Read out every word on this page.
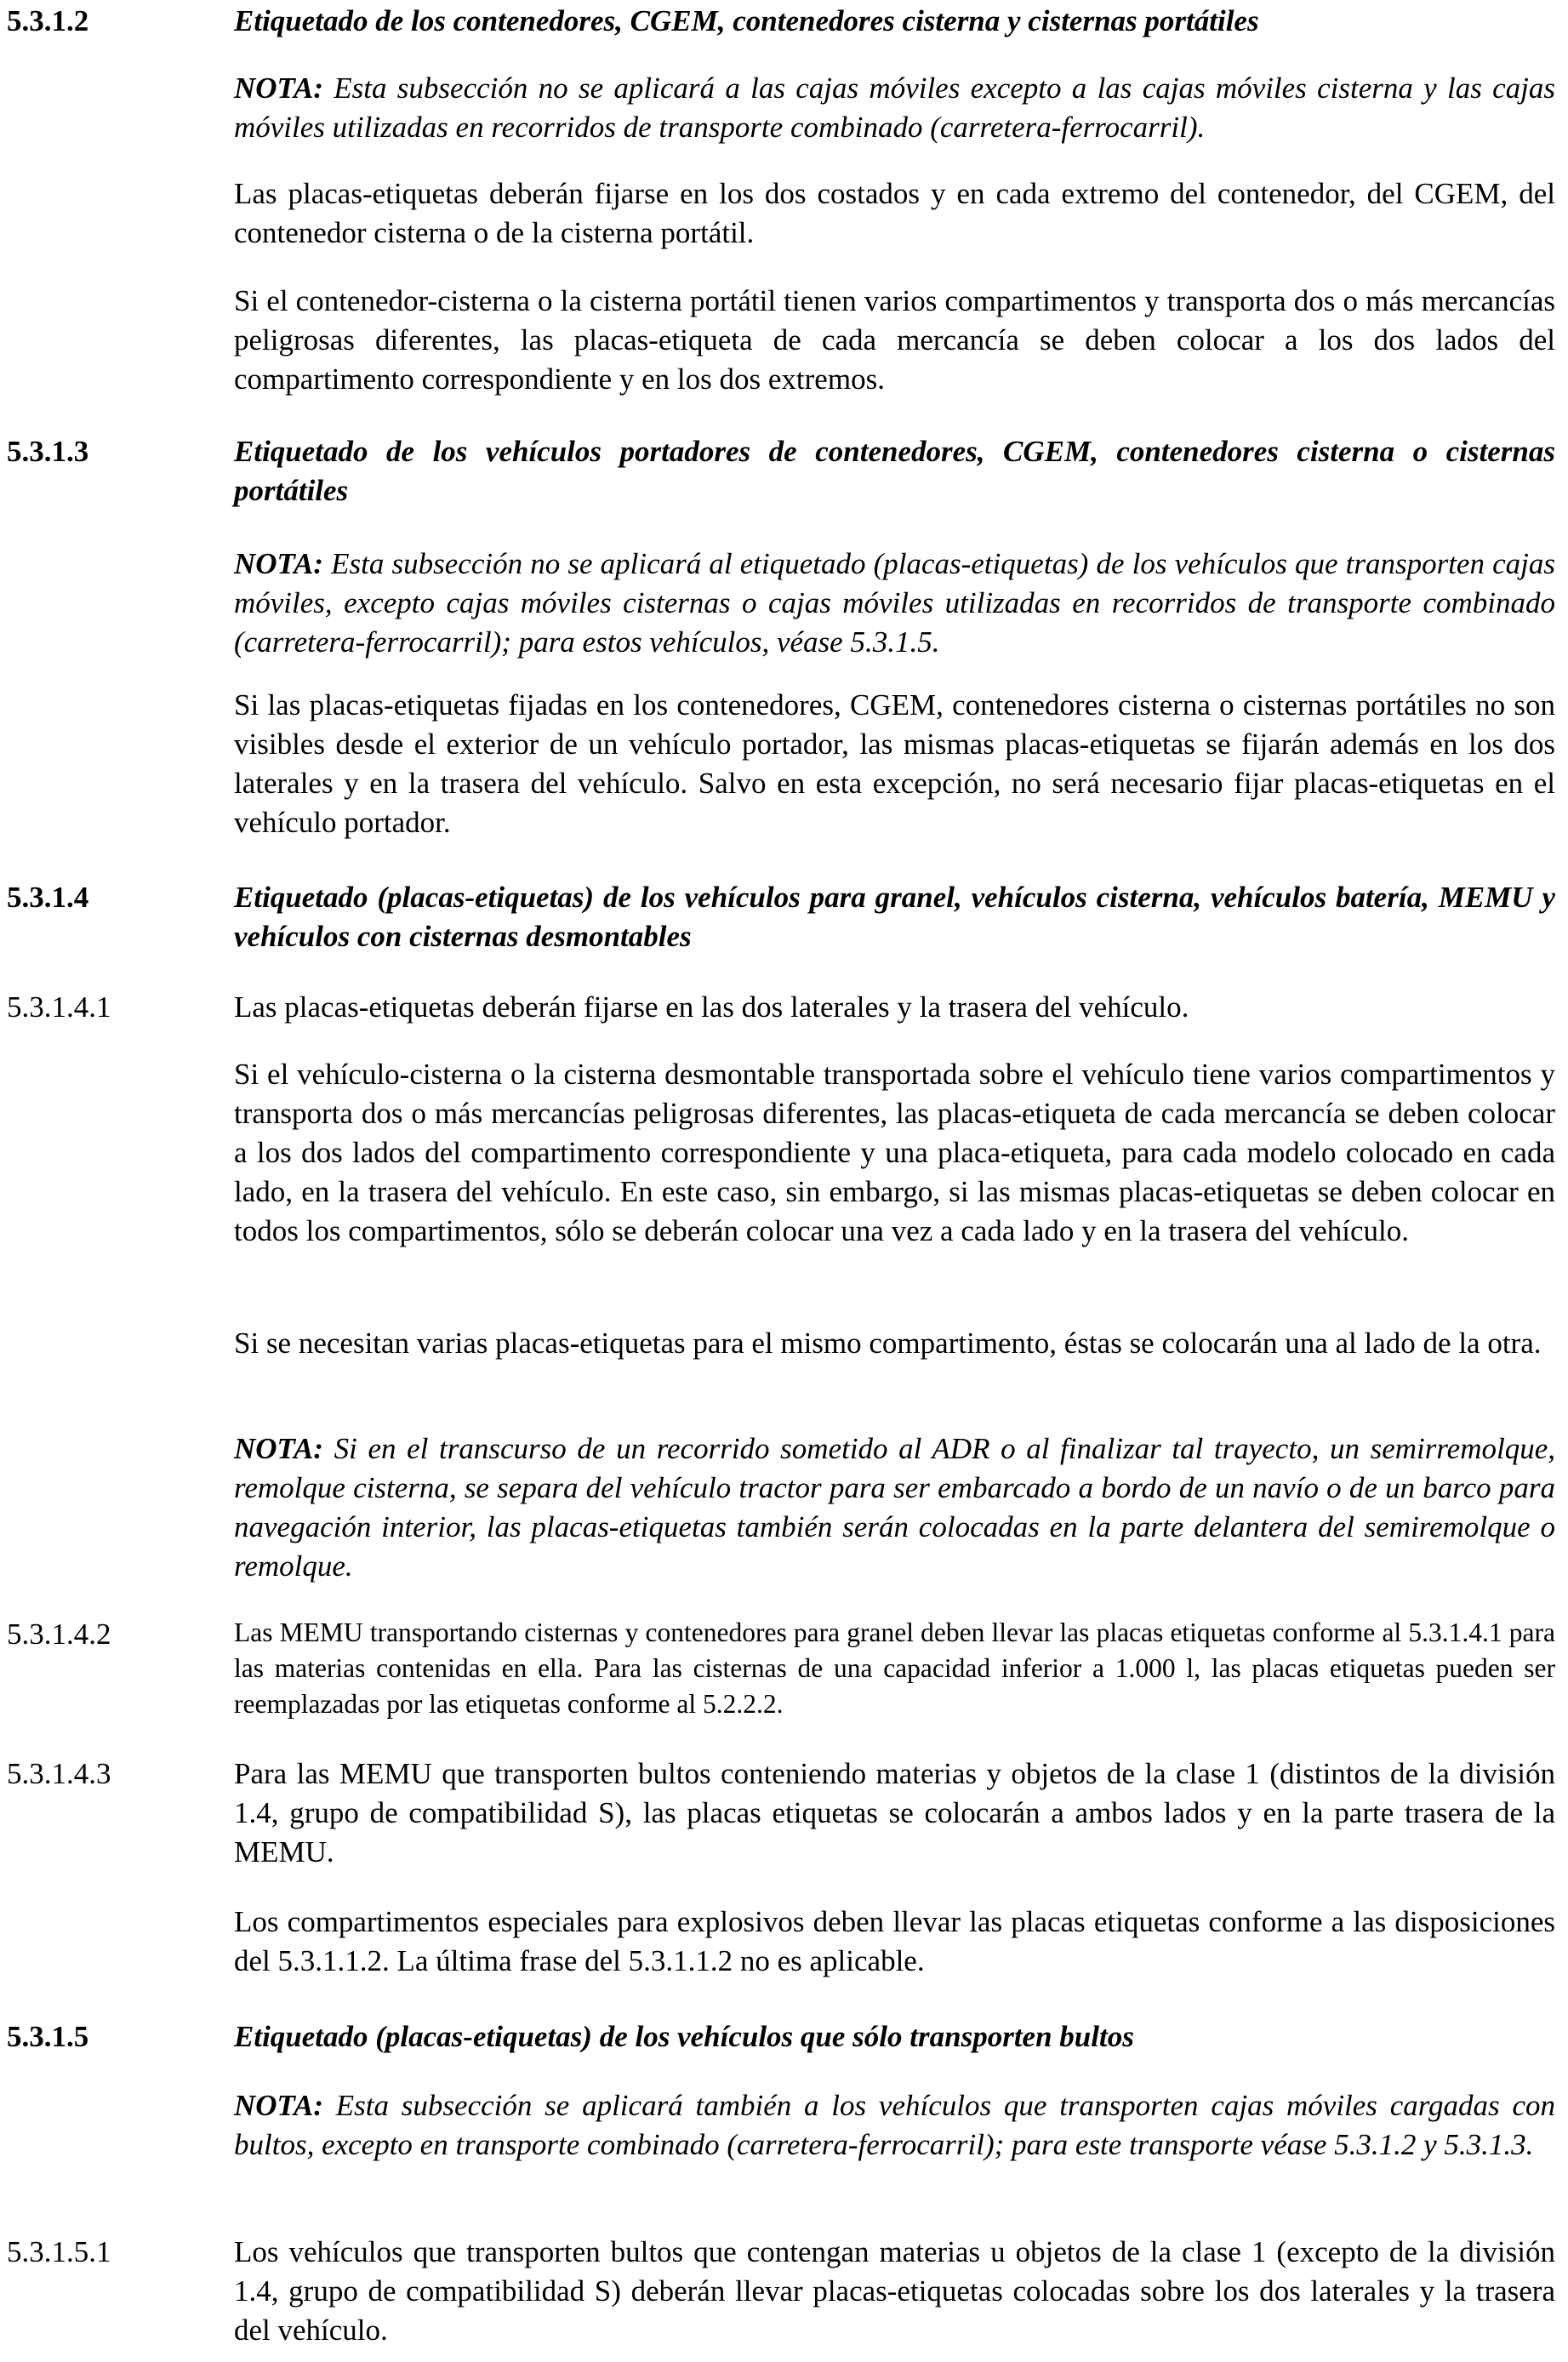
5.3.1.2	Etiquetado de los contenedores, CGEM, contenedores cisterna y cisternas portátiles
NOTA: Esta subsección no se aplicará a las cajas móviles excepto a las cajas móviles cisterna y las cajas móviles utilizadas en recorridos de transporte combinado (carretera-ferrocarril).
Las placas-etiquetas deberán fijarse en los dos costados y en cada extremo del contenedor, del CGEM, del contenedor cisterna o de la cisterna portátil.
Si el contenedor-cisterna o la cisterna portátil tienen varios compartimentos y transporta dos o más mercancías peligrosas diferentes, las placas-etiqueta de cada mercancía se deben colocar a los dos lados del compartimento correspondiente y en los dos extremos.
5.3.1.3	Etiquetado de los vehículos portadores de contenedores, CGEM, contenedores cisterna o cisternas portátiles
NOTA: Esta subsección no se aplicará al etiquetado (placas-etiquetas) de los vehículos que transporten cajas móviles, excepto cajas móviles cisternas o cajas móviles utilizadas en recorridos de transporte combinado (carretera-ferrocarril); para estos vehículos, véase 5.3.1.5.
Si las placas-etiquetas fijadas en los contenedores, CGEM, contenedores cisterna o cisternas portátiles no son visibles desde el exterior de un vehículo portador, las mismas placas-etiquetas se fijarán además en los dos laterales y en la trasera del vehículo. Salvo en esta excepción, no será necesario fijar placas-etiquetas en el vehículo portador.
5.3.1.4	Etiquetado (placas-etiquetas) de los vehículos para granel, vehículos cisterna, vehículos batería, MEMU y vehículos con cisternas desmontables
5.3.1.4.1	Las placas-etiquetas deberán fijarse en las dos laterales y la trasera del vehículo.
Si el vehículo-cisterna o la cisterna desmontable transportada sobre el vehículo tiene varios compartimentos y transporta dos o más mercancías peligrosas diferentes, las placas-etiqueta de cada mercancía se deben colocar a los dos lados del compartimento correspondiente y una placa-etiqueta, para cada modelo colocado en cada lado, en la trasera del vehículo. En este caso, sin embargo, si las mismas placas-etiquetas se deben colocar en todos los compartimentos, sólo se deberán colocar una vez a cada lado y en la trasera del vehículo.
Si se necesitan varias placas-etiquetas para el mismo compartimento, éstas se colocarán una al lado de la otra.
NOTA: Si en el transcurso de un recorrido sometido al ADR o al finalizar tal trayecto, un semirremolque, remolque cisterna, se separa del vehículo tractor para ser embarcado a bordo de un navío o de un barco para navegación interior, las placas-etiquetas también serán colocadas en la parte delantera del semiremolque o remolque.
5.3.1.4.2	Las MEMU transportando cisternas y contenedores para granel deben llevar las placas etiquetas conforme al 5.3.1.4.1 para las materias contenidas en ella. Para las cisternas de una capacidad inferior a 1.000 l, las placas etiquetas pueden ser reemplazadas por las etiquetas conforme al 5.2.2.2.
5.3.1.4.3	Para las MEMU que transporten bultos conteniendo materias y objetos de la clase 1 (distintos de la división 1.4, grupo de compatibilidad S), las placas etiquetas se colocarán a ambos lados y en la parte trasera de la MEMU.
Los compartimentos especiales para explosivos deben llevar las placas etiquetas conforme a las disposiciones del 5.3.1.1.2. La última frase del 5.3.1.1.2 no es aplicable.
5.3.1.5	Etiquetado (placas-etiquetas) de los vehículos que sólo transporten bultos
NOTA: Esta subsección se aplicará también a los vehículos que transporten cajas móviles cargadas con bultos, excepto en transporte combinado (carretera-ferrocarril); para este transporte véase 5.3.1.2 y 5.3.1.3.
5.3.1.5.1	Los vehículos que transporten bultos que contengan materias u objetos de la clase 1 (excepto de la división 1.4, grupo de compatibilidad S) deberán llevar placas-etiquetas colocadas sobre los dos laterales y la trasera del vehículo.
